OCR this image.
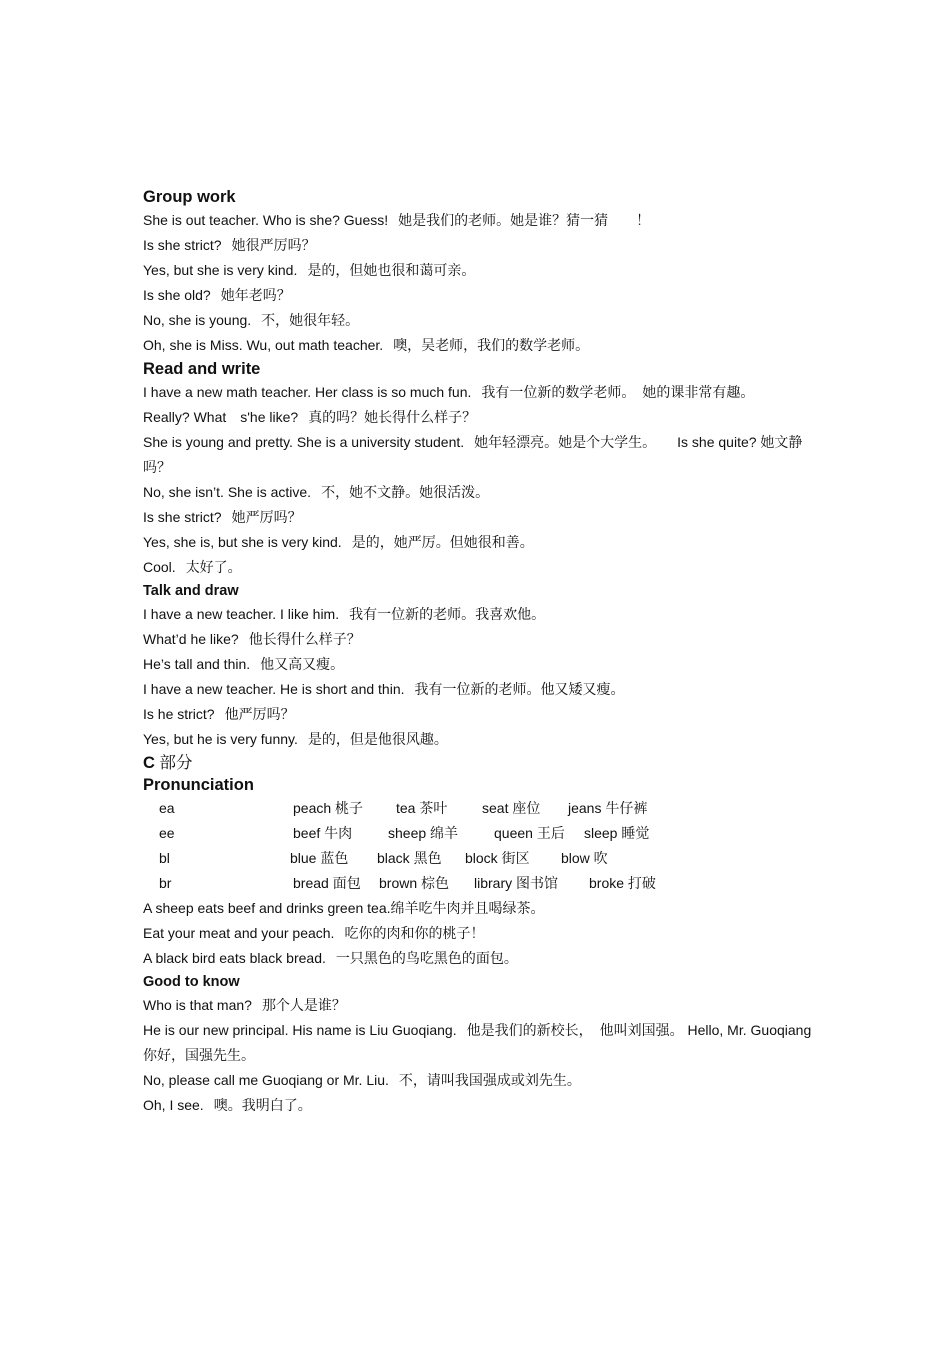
Group work
She is out teacher. Who is she? Guess! 她是我们的老师。她是谁？猜一猜　　！
Is she strict? 她很严厉吗？
Yes, but she is very kind. 是的，但她也很和蔼可亲。
Is she old? 她年老吗？
No, she is young. 不，她很年轻。
Oh, she is Miss. Wu, out math teacher. 噢，吴老师，我们的数学老师。
Read and write
I have a new math teacher. Her class is so much fun. 我有一位新的数学老师。　她的课非常有趣。
Really? What　s'he like? 真的吗？她长得什么样子？
She is young and pretty. She is a university student. 她年轻漂亮。她是个大学生。　　Is she quite? 她文静吗？
No, she isn’t. She is active. 不，她不文静。她很活泼。
Is she strict? 她严厉吗？
Yes, she is, but she is very kind. 是的，她严厉。但她很和善。
Cool. 太好了。
Talk and draw
I have a new teacher. I like him. 我有一位新的老师。我喜欢他。
What’d he like? 他长得什么样子？
He’s tall and thin. 他又高又瘦。
I have a new teacher. He is short and thin. 我有一位新的老师。他又矮又瘦。
Is he strict? 他严厉吗？
Yes, but he is very funny. 是的，但是他很风趣。
C 部分
Pronunciation
ea	peach 桃子 tea 茶叶 seat 座位 jeans 牛仔裤
ee	beef 牛肉	sheep 绵羊	queen 王后 sleep 睡觉
bl	blue 蓝色 black 黑色 block 街区 blow 吹
br	bread 面包 brown 棕色 library 图书馆 broke 打破
A sheep eats beef and drinks green tea.绵羊吃牛肉并且喝绿茶。
Eat your meat and your peach. 吃你的肉和你的桃子！
A black bird eats black bread. 一只黑色的鸟吃黑色的面包。
Good to know
Who is that man? 那个人是谁？
He is our new principal. His name is Liu Guoqiang. 他是我们的新校长，　他叫刘国强。 Hello, Mr. Guoqiang 你好，国强先生。
No, please call me Guoqiang or Mr. Liu. 不，请叫我国强成或刘先生。
Oh, I see. 噢。我明白了。
